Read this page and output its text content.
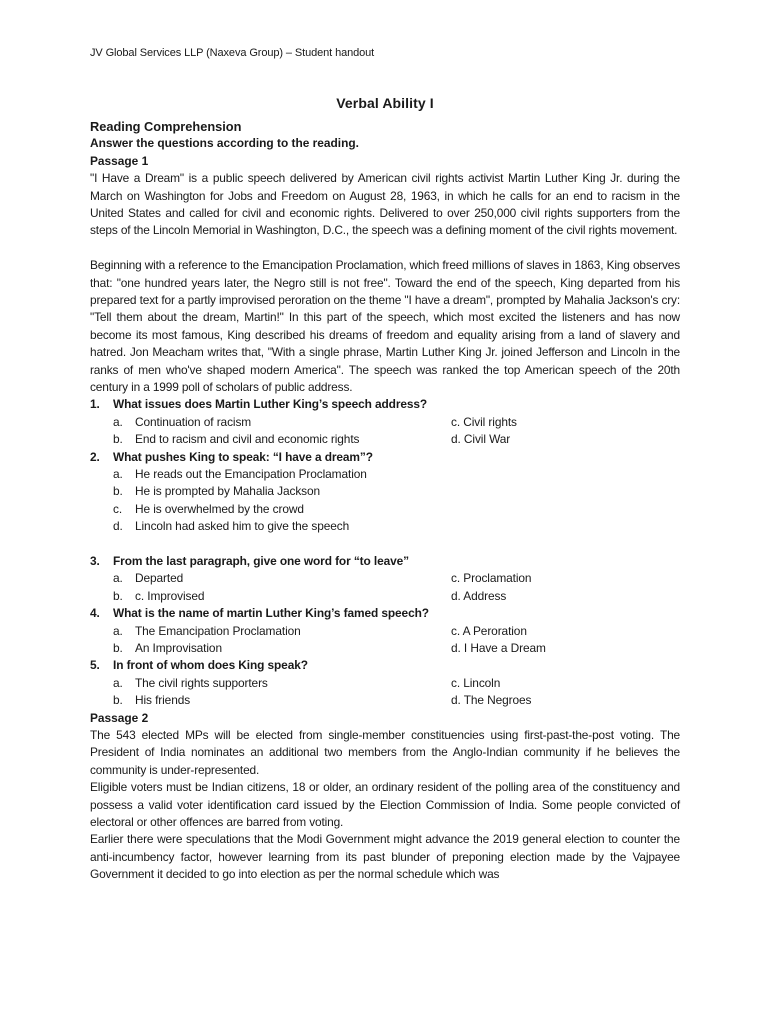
JV Global Services LLP (Naxeva Group) – Student handout
Verbal Ability I
Reading Comprehension
Answer the questions according to the reading.
Passage 1

"I Have a Dream" is a public speech delivered by American civil rights activist Martin Luther King Jr. during the March on Washington for Jobs and Freedom on August 28, 1963, in which he calls for an end to racism in the United States and called for civil and economic rights. Delivered to over 250,000 civil rights supporters from the steps of the Lincoln Memorial in Washington, D.C., the speech was a defining moment of the civil rights movement.

Beginning with a reference to the Emancipation Proclamation, which freed millions of slaves in 1863, King observes that: "one hundred years later, the Negro still is not free". Toward the end of the speech, King departed from his prepared text for a partly improvised peroration on the theme "I have a dream", prompted by Mahalia Jackson's cry: "Tell them about the dream, Martin!" In this part of the speech, which most excited the listeners and has now become its most famous, King described his dreams of freedom and equality arising from a land of slavery and hatred. Jon Meacham writes that, "With a single phrase, Martin Luther King Jr. joined Jefferson and Lincoln in the ranks of men who've shaped modern America". The speech was ranked the top American speech of the 20th century in a 1999 poll of scholars of public address.

1. What issues does Martin Luther King’s speech address?
a. Continuation of racism	c. Civil rights
b. End to racism and civil and economic rights	d. Civil War
2. What pushes King to speak: “I have a dream”?
a. He reads out the Emancipation Proclamation
b. He is prompted by Mahalia Jackson
c. He is overwhelmed by the crowd
d. Lincoln had asked him to give the speech
3. From the last paragraph, give one word for “to leave”
a. Departed	c. Proclamation
b. c. Improvised	d. Address
4. What is the name of martin Luther King’s famed speech?
a. The Emancipation Proclamation	c. A Peroration
b. An Improvisation	d. I Have a Dream
5. In front of whom does King speak?
a. The civil rights supporters	c. Lincoln
b. His friends	d. The Negroes
Passage 2

The 543 elected MPs will be elected from single-member constituencies using first-past-the-post voting. The President of India nominates an additional two members from the Anglo-Indian community if he believes the community is under-represented.

Eligible voters must be Indian citizens, 18 or older, an ordinary resident of the polling area of the constituency and possess a valid voter identification card issued by the Election Commission of India. Some people convicted of electoral or other offences are barred from voting.

Earlier there were speculations that the Modi Government might advance the 2019 general election to counter the anti-incumbency factor, however learning from its past blunder of preponing election made by the Vajpayee Government it decided to go into election as per the normal schedule which was
